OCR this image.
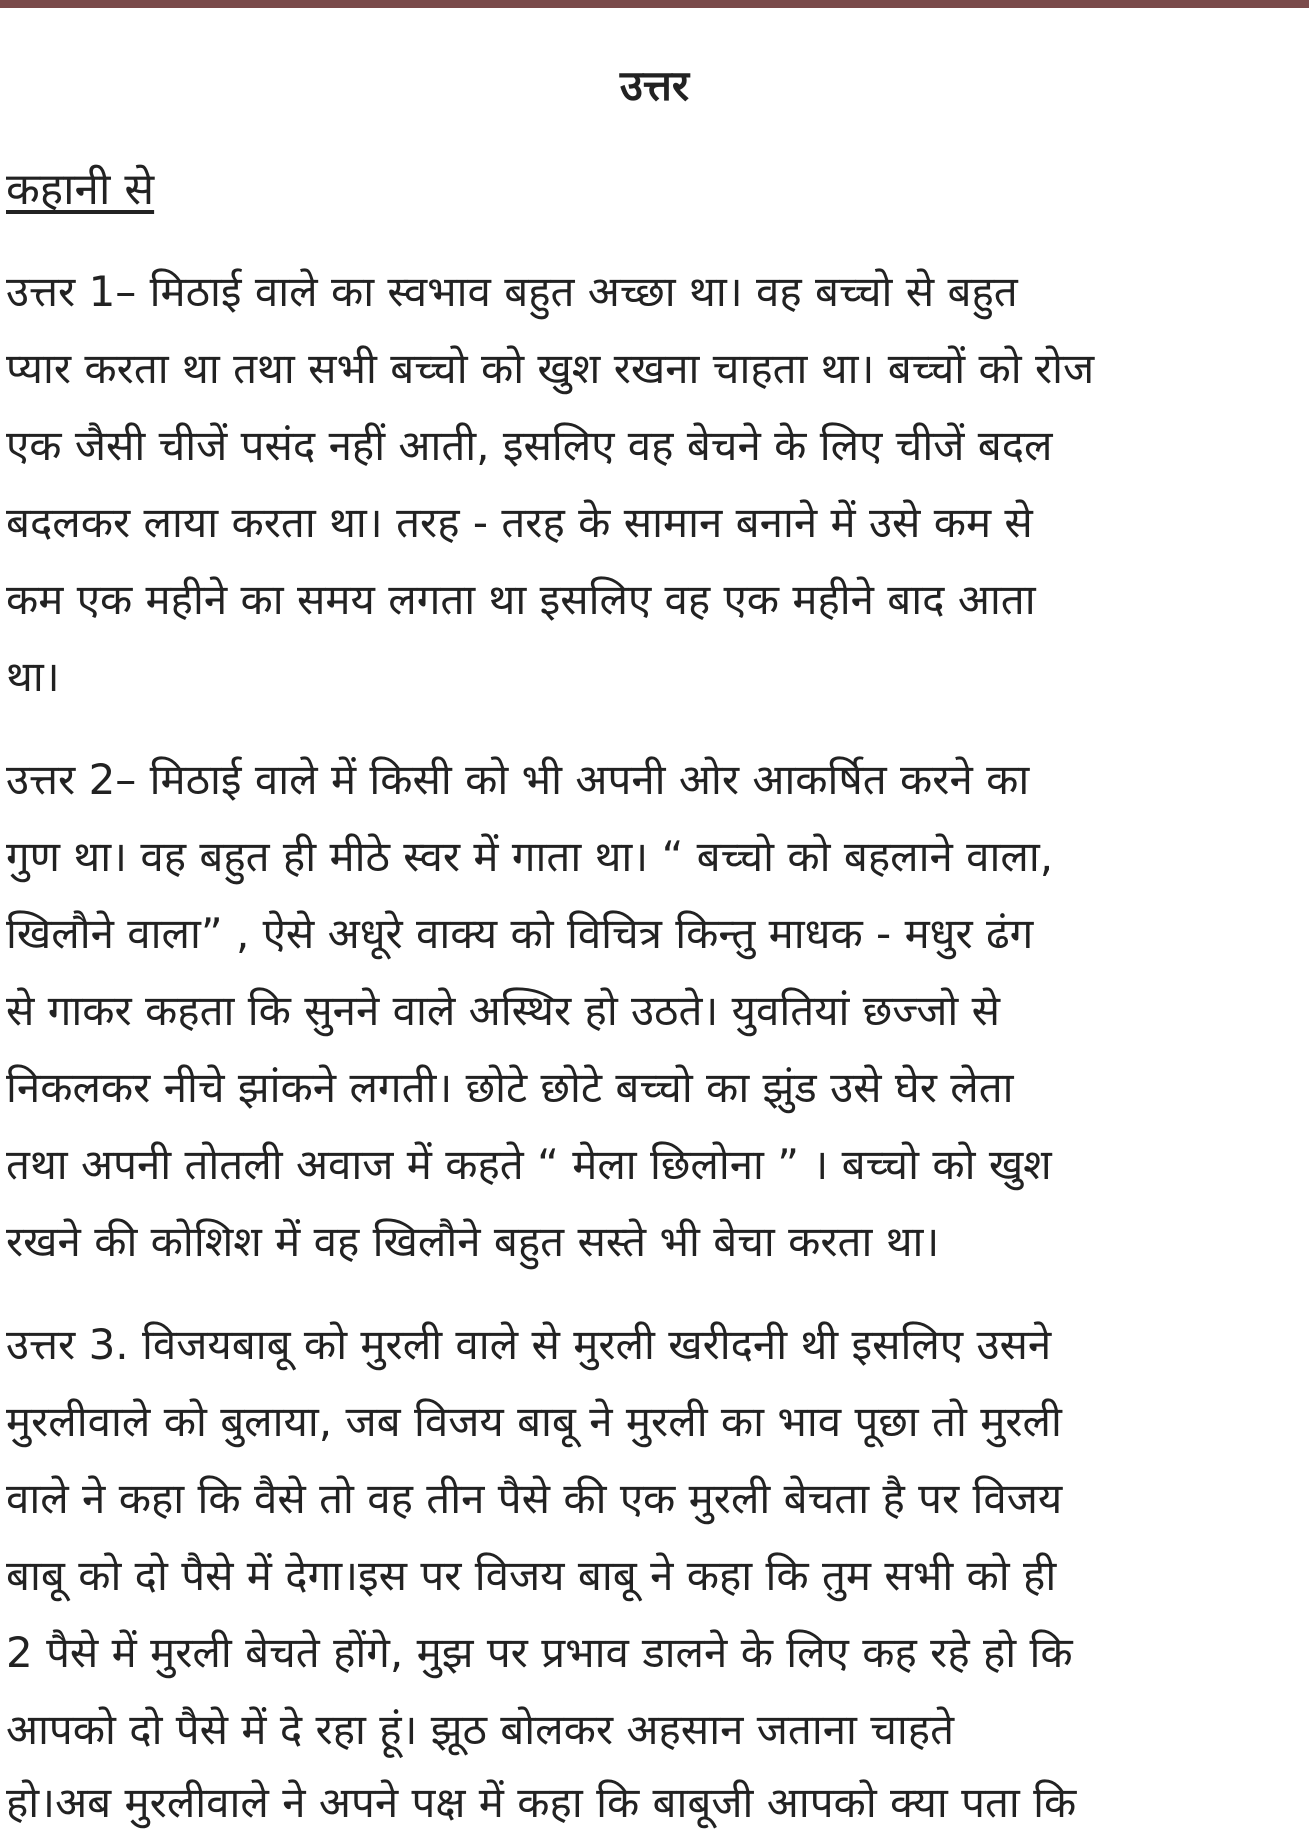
उत्तर
कहानी से
उत्तर 1– मिठाई वाले का स्वभाव बहुत अच्छा था। वह बच्चो से बहुत
प्यार करता था तथा सभी बच्चो को खुश रखना चाहता था। बच्चों को रोज
एक जैसी चीजें पसंद नहीं आती, इसलिए वह बेचने के लिए चीजें बदल
बदलकर लाया करता था। तरह - तरह के सामान बनाने में उसे कम से
कम एक महीने का समय लगता था इसलिए वह एक महीने बाद आता
था।
उत्तर 2– मिठाई वाले में किसी को भी अपनी ओर आकर्षित करने का
गुण था। वह बहुत ही मीठे स्वर में गाता था। “ बच्चो को बहलाने वाला,
खिलौने वाला” , ऐसे अधूरे वाक्य को विचित्र किन्तु माधक - मधुर ढंग
से गाकर कहता कि सुनने वाले अस्थिर हो उठते। युवतियां छज्जो से
निकलकर नीचे झांकने लगती। छोटे छोटे बच्चो का झुंड उसे घेर लेता
तथा अपनी तोतली अवाज में कहते “ मेला छिलोना ” । बच्चो को खुश
रखने की कोशिश में वह खिलौने बहुत सस्ते भी बेचा करता था।
उत्तर 3. विजयबाबू को मुरली वाले से मुरली खरीदनी थी इसलिए उसने
मुरलीवाले को बुलाया, जब विजय बाबू ने मुरली का भाव पूछा तो मुरली
वाले ने कहा कि वैसे तो वह तीन पैसे की एक मुरली बेचता है पर विजय
बाबू को दो पैसे में देगा।इस पर विजय बाबू ने कहा कि तुम सभी को ही
2 पैसे में मुरली बेचते होंगे, मुझ पर प्रभाव डालने के लिए कह रहे हो कि
आपको दो पैसे में दे रहा हूं। झूठ बोलकर अहसान जताना चाहते
हो।अब मुरलीवाले ने अपने पक्ष में कहा कि बाबूजी आपको क्या पता कि
